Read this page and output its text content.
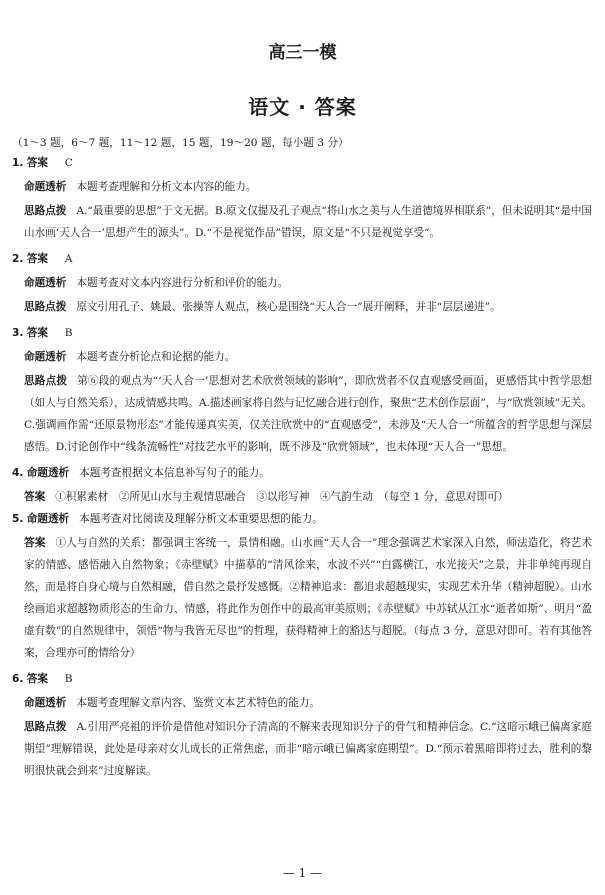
高三一模
语文 · 答案
（1～3 题，6～7 题，11～12 题，15 题，19～20 题，每小题 3 分）
1. 答案 C
命题透析 本题考查理解和分析文本内容的能力。
思路点拨 A.“最重要的思想”于文无据。B.原文仅提及孔子观点“将山水之美与人生道德境界相联系”，但未说明其“是中国山水画‘天人合一’思想产生的源头”。D.“不是视觉作品”错误，原文是“不只是视觉享受”。
2. 答案 A
命题透析 本题考查对文本内容进行分析和评价的能力。
思路点拨 原文引用孔子、姚最、张操等人观点，核心是围绕“天人合一”展开阐释，并非“层层递进”。
3. 答案 B
命题透析 本题考查分析论点和论据的能力。
思路点拨 第⑥段的观点为“‘天人合一’思想对艺术欣赏领域的影响”，即欣赏者不仅直观感受画面，更感悟其中哲学思想（如人与自然关系），达成情感共鸣。A.描述画家将自然与记忆融合进行创作，聚焦“艺术创作层面”，与“欣赏领域”无关。C.强调画作需“还原景物形态”才能传递真实美，仅关注欣赏中的“直观感受”，未涉及“天人合一”所蕴含的哲学思想与深层感悟。D.讨论创作中“线条流畅性”对技艺水平的影响，既不涉及“欣赏领域”，也未体现“天人合一”思想。
4. 命题透析 本题考查根据文本信息补写句子的能力。
答案 ①积累素材　②所见山水与主观情思融合　③以形写神　④气韵生动　（每空 1 分，意思对即可）
5. 命题透析 本题考查对比阅读及理解分析文本重要思想的能力。
答案 ①人与自然的关系：都强调主客统一，景情相融。山水画“天人合一”理念强调艺术家深入自然，师法造化，将艺术家的情感、感悟融入自然物象；《赤壁赋》中描摹的“清风徐来，水波不兴”“白露横江，水光接天”之景，并非单纯再现自然，而是将自身心境与自然相融，借自然之景抒发感慨。②精神追求：都追求超越现实，实现艺术升华（精神超脱）。山水绘画追求超越物质形态的生命力、情感，将此作为创作中的最高审美原则；《赤壁赋》中苏轼从江水“逝者如斯”、明月“盈虚有数”的自然规律中，领悟“物与我皆无尽也”的哲理，获得精神上的豁达与超脱。（每点 3 分，意思对即可。若有其他答案，合理亦可酌情给分）
6. 答案 B
命题透析 本题考查理解文章内容、鉴赏文本艺术特色的能力。
思路点拨 A.引用严亮祖的评价是借他对知识分子清高的不解来表现知识分子的骨气和精神信念。C.“这暗示峨已偏离家庭期望”理解错误，此处是母亲对女儿成长的正常焦虑，而非“暗示峨已偏离家庭期望”。D.“预示着黑暗即将过去，胜利的黎明很快就会到来”过度解读。
— 1 —
